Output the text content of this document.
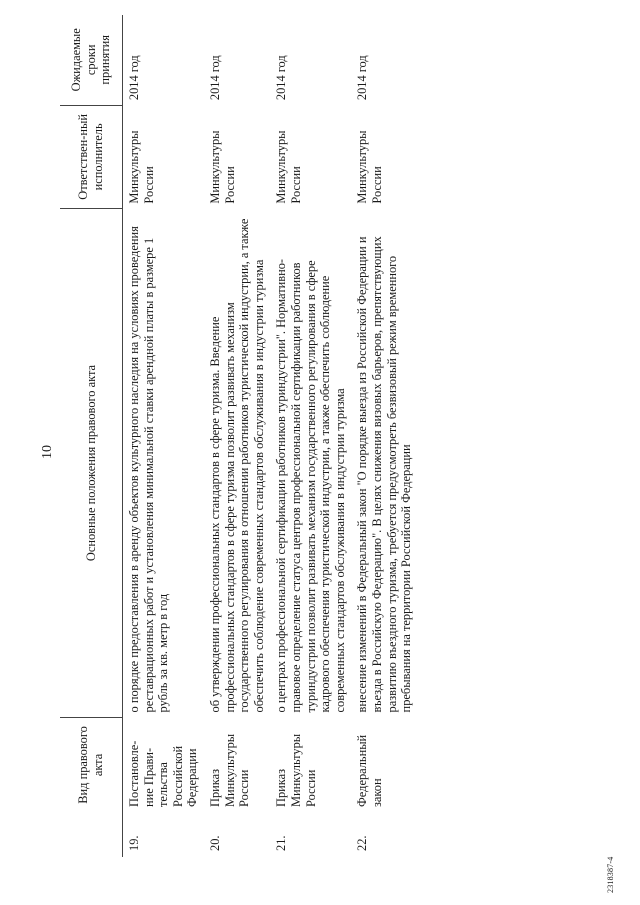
10
	Вид правового акта	Основные положения правового акта	Ответствен-ный исполнитель	Ожидаемые сроки принятия
19.	Постановле-ние Прави-тельства Российской Федерации	о порядке предоставления в аренду объектов культурного наследия на условиях проведения реставрационных работ и установления минимальной ставки арендной платы в размере 1 рубль за кв. метр в год	Минкультуры России	2014 год
20.	Приказ Минкультуры России	об утверждении профессиональных стандартов в сфере туризма. Введение профессиональных стандартов в сфере туризма позволит развивать механизм государственного регулирования в отношении работников туристической индустрии, а также обеспечить соблюдение современных стандартов обслуживания в индустрии туризма	Минкультуры России	2014 год
21.	Приказ Минкультуры России	о центрах профессиональной сертификации работников туриндустрии". Нормативно-правовое определение статуса центров профессиональной сертификации работников туриндустрии позволит развивать механизм государственного регулирования в сфере кадрового обеспечения туристической индустрии, а также обеспечить соблюдение современных стандартов обслуживания в индустрии туризма	Минкультуры России	2014 год
22.	Федеральный закон	внесение изменений в Федеральный закон "О порядке выезда из Российской Федерации и въезда в Российскую Федерацию". В целях снижения визовых барьеров, препятствующих развитию въездного туризма, требуется предусмотреть безвизовый режим временного пребывания на территории Российской Федерации	Минкультуры России	2014 год
2318387-4
